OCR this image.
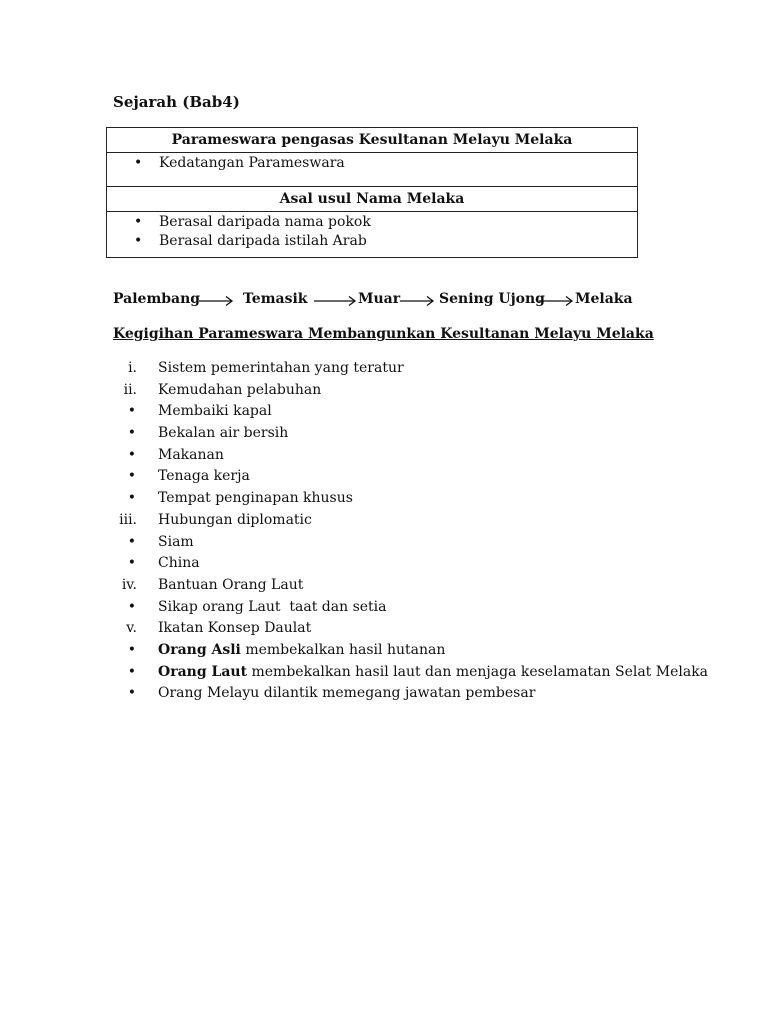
Sejarah (Bab4)
Parameswara pengasas Kesultanan Melayu Melaka

• Kedatangan Parameswara

Asal usul Nama Melaka

• Berasal daripada nama pokok
• Berasal daripada istilah Arab
Palembang	Temasik	Muar	Sening Ujong Melaka
Kegigihan Parameswara Membangunkan Kesultanan Melayu Melaka
i. Sistem pemerintahan yang teratur
ii. Kemudahan pelabuhan
• Membaiki kapal
• Bekalan air bersih
• Makanan
• Tenaga kerja
• Tempat penginapan khusus
iii. Hubungan diplomatic
• Siam
• China
iv. Bantuan Orang Laut
• Sikap orang Laut  taat dan setia
v. Ikatan Konsep Daulat
• Orang Asli membekalkan hasil hutanan
• Orang Laut membekalkan hasil laut dan menjaga keselamatan Selat Melaka
• Orang Melayu dilantik memegang jawatan pembesar
